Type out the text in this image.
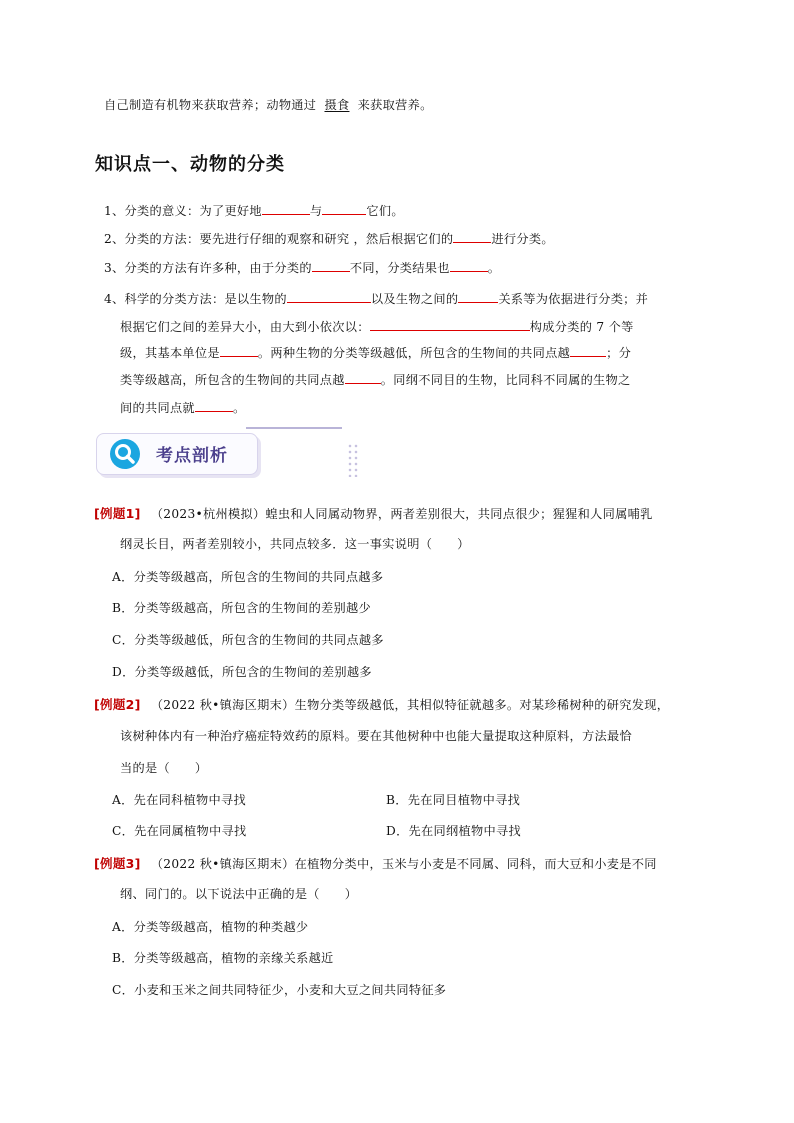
自己制造有机物来获取营养；动物通过 摄食 来获取营养。
知识点一、动物的分类
1、分类的意义：为了更好地	与	它们。
2、分类的方法：要先进行仔细的观察和研究 ，然后根据它们的	进行分类。
3、分类的方法有许多种，由于分类的	不同，分类结果也	。
4、科学的分类方法：是以生物的	以及生物之间的	关系等为依据进行分类；并
根据它们之间的差异大小，由大到小依次以：	构成分类的 7 个等
级，其基本单位是	。两种生物的分类等级越低，所包含的生物间的共同点越	；分
类等级越高，所包含的生物间的共同点越	。同纲不同目的生物，比同科不同属的生物之
间的共同点就	。
考点剖析
[例题1] （2023•杭州模拟）蝗虫和人同属动物界，两者差别很大，共同点很少；猩猩和人同属哺乳
纲灵长目，两者差别较小，共同点较多．这一事实说明（　　）
A．分类等级越高，所包含的生物间的共同点越多
B．分类等级越高，所包含的生物间的差别越少
C．分类等级越低，所包含的生物间的共同点越多
D．分类等级越低，所包含的生物间的差别越多
[例题2] （2022 秋•镇海区期末）生物分类等级越低，其相似特征就越多。对某珍稀树种的研究发现，
该树种体内有一种治疗癌症特效药的原料。要在其他树种中也能大量提取这种原料，方法最恰
当的是（　　）
A．先在同科植物中寻找	B．先在同目植物中寻找
C．先在同属植物中寻找	D．先在同纲植物中寻找
[例题3] （2022 秋•镇海区期末）在植物分类中，玉米与小麦是不同属、同科，而大豆和小麦是不同
纲、同门的。以下说法中正确的是（　　）
A．分类等级越高，植物的种类越少
B．分类等级越高，植物的亲缘关系越近
C．小麦和玉米之间共同特征少，小麦和大豆之间共同特征多
